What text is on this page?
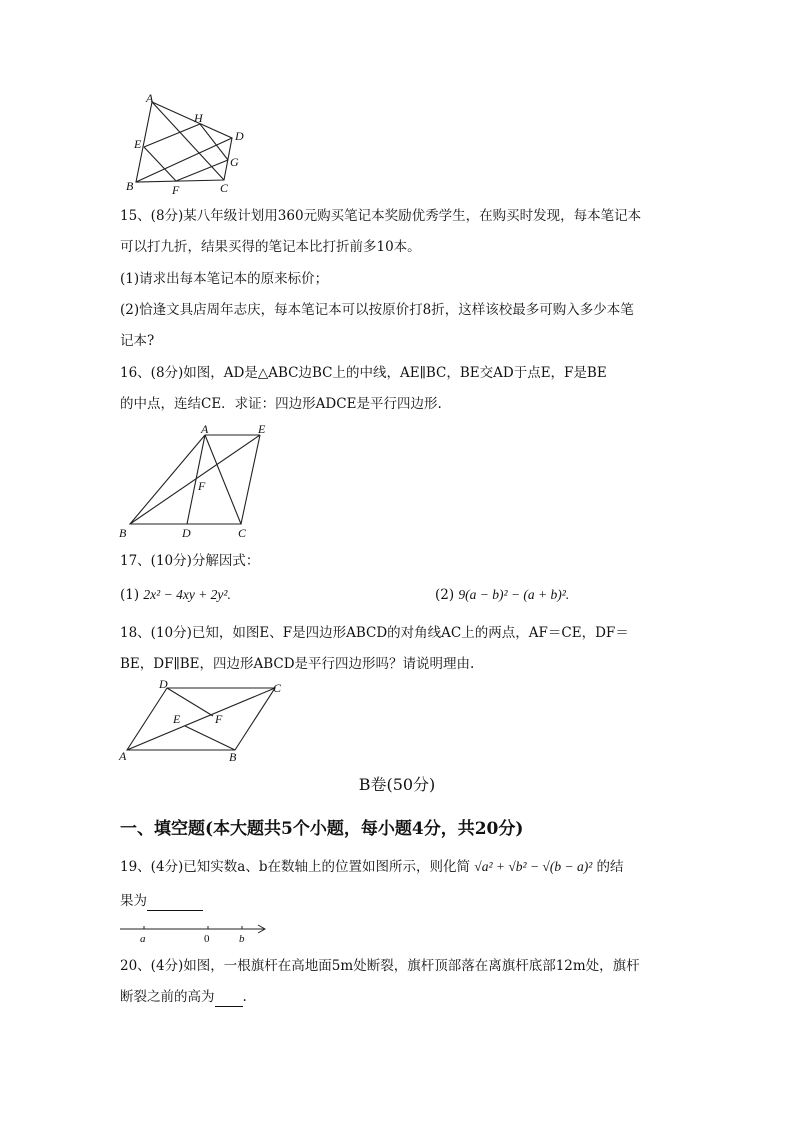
A
H
D
E
G
B	F	C
15、(8分)某八年级计划用360元购买笔记本奖励优秀学生，在购买时发现，每本笔记本
可以打九折，结果买得的笔记本比打折前多10本。
(1)请求出每本笔记本的原来标价；
(2)恰逢文具店周年志庆，每本笔记本可以按原价打8折，这样该校最多可购入多少本笔
记本?
16、(8分)如图，AD是△ABC边BC上的中线，AE∥BC，BE交AD于点E，F是BE
的中点，连结CE．求证：四边形ADCE是平行四边形.
A	E
F
B	D	C
17、(10分)分解因式：
(1) 2x² − 4xy + 2y².	(2) 9(a − b)² − (a + b)².
18、(10分)已知，如图E、F是四边形ABCD的对角线AC上的两点，AF＝CE，DF＝
BE，DF∥BE，四边形ABCD是平行四边形吗？请说明理由.
D	C
E	F
A	B
B卷(50分)
一、填空题(本大题共5个小题，每小题4分，共20分)
19、(4分)已知实数a、b在数轴上的位置如图所示，则化简 √a² + √b² − √(b − a)² 的结
果为
a	0	b
20、(4分)如图，一根旗杆在高地面5m处断裂，旗杆顶部落在离旗杆底部12m处，旗杆
断裂之前的高为 .
